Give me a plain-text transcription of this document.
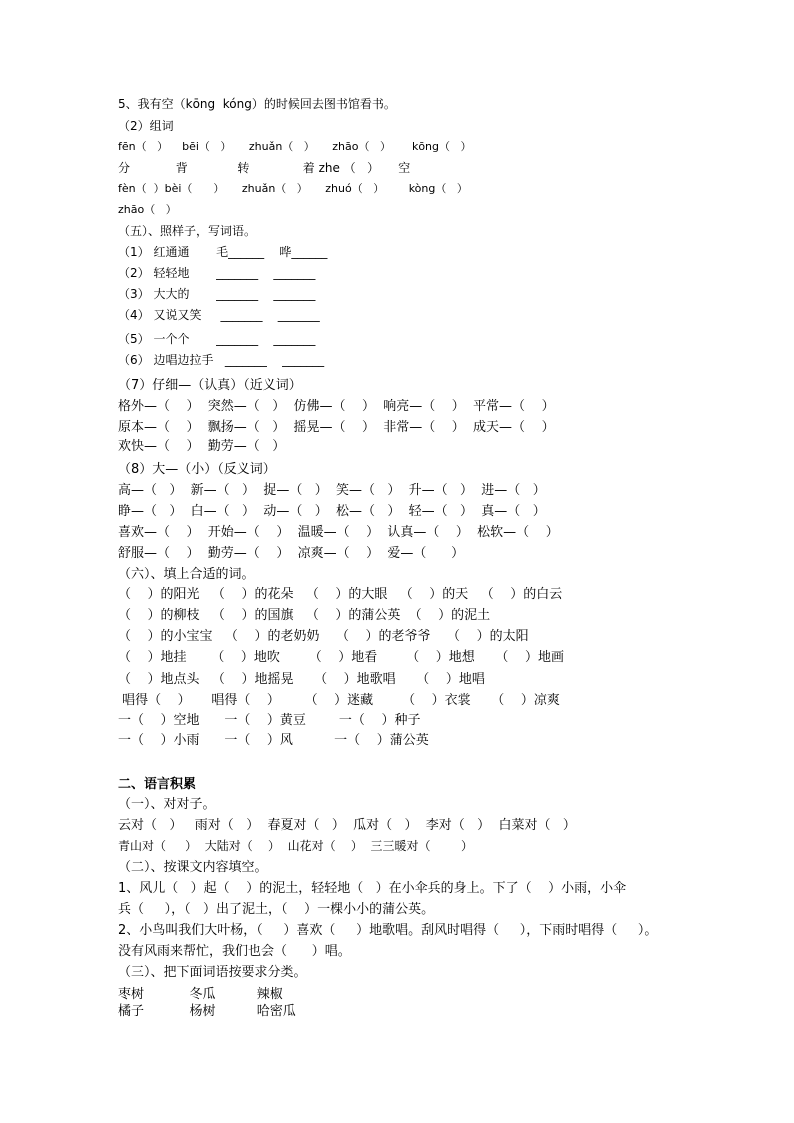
5、我有空（kōng  kóng）的时候回去图书馆看书。
（2）组词
fēn（   ）    bēi（   ）     zhuǎn（   ）     zhāo（   ）      kōng（   ）
分            背             转              着 zhe （   ）     空
fèn（  ）bèi（      ）     zhuǎn（   ）     zhuó（   ）       kòng（   ）
zhāo（   ）
（五）、照样子，写词语。
（1） 红通通       毛______    哗______
（2） 轻轻地       _______    _______
（3） 大大的       _______    _______
（4） 又说又笑     _______    _______
（5） 一个个       _______    _______
（6） 边唱边拉手   _______    _______
（7）仔细—（认真）（近义词）
格外—（    ）  突然—（   ）  仿佛—（    ）  响亮—（    ）  平常—（    ）
原本—（    ）  飘扬—（   ）  摇晃—（    ）  非常—（    ）  成天—（    ）
欢快—（    ）  勤劳—（   ）
（8）大—（小）（反义词）
高—（   ）  新—（   ）  捉—（   ）  笑—（   ）  升—（   ）  进—（   ）
睁—（   ）  白—（   ）  动—（   ）  松—（   ）  轻—（   ）  真—（   ）
喜欢—（    ）  开始—（    ）  温暖—（    ）  认真—（    ）  松软—（    ）
舒服—（    ）  勤劳—（    ）  凉爽—（    ）  爱—（      ）
（六）、填上合适的词。
（    ）的阳光   （    ）的花朵   （    ）的大眼   （    ）的天   （    ）的白云
（    ）的柳枝   （    ）的国旗   （    ）的蒲公英  （    ）的泥土
（    ）的小宝宝   （    ）的老奶奶    （    ）的老爷爷    （    ）的太阳
（    ）地挂      （    ）地吹       （    ）地看       （    ）地想     （    ）地画
（    ）地点头   （    ）地摇晃     （    ）地歌唱     （    ）地唱
唱得（    ）     唱得（    ）      （    ）迷藏       （    ）衣裳     （    ）凉爽
一（    ）空地      一（    ）黄豆        一（    ）种子
一（    ）小雨      一（    ）风          一（    ）蒲公英
二、语言积累
（一）、对对子。
云对（   ）   雨对（   ）  春夏对（   ）  瓜对（   ）  李对（   ）  白菜对（   ）
青山对（     ）  大陆对（    ）  山花对（    ）  三三暖对（        ）
（二）、按课文内容填空。
1、风儿（   ）起（    ）的泥土，轻轻地（   ）在小伞兵的身上。下了（    ）小雨，小伞
兵（     ），（   ）出了泥土，（    ）一棵小小的蒲公英。
2、小鸟叫我们大叶杨，（     ）喜欢（     ）地歌唱。刮风时唱得（     ），下雨时唱得（     ）。
没有风雨来帮忙，我们也会（      ）唱。
（三）、把下面词语按要求分类。
枣树           冬瓜          辣椒
橘子           杨树          哈密瓜
